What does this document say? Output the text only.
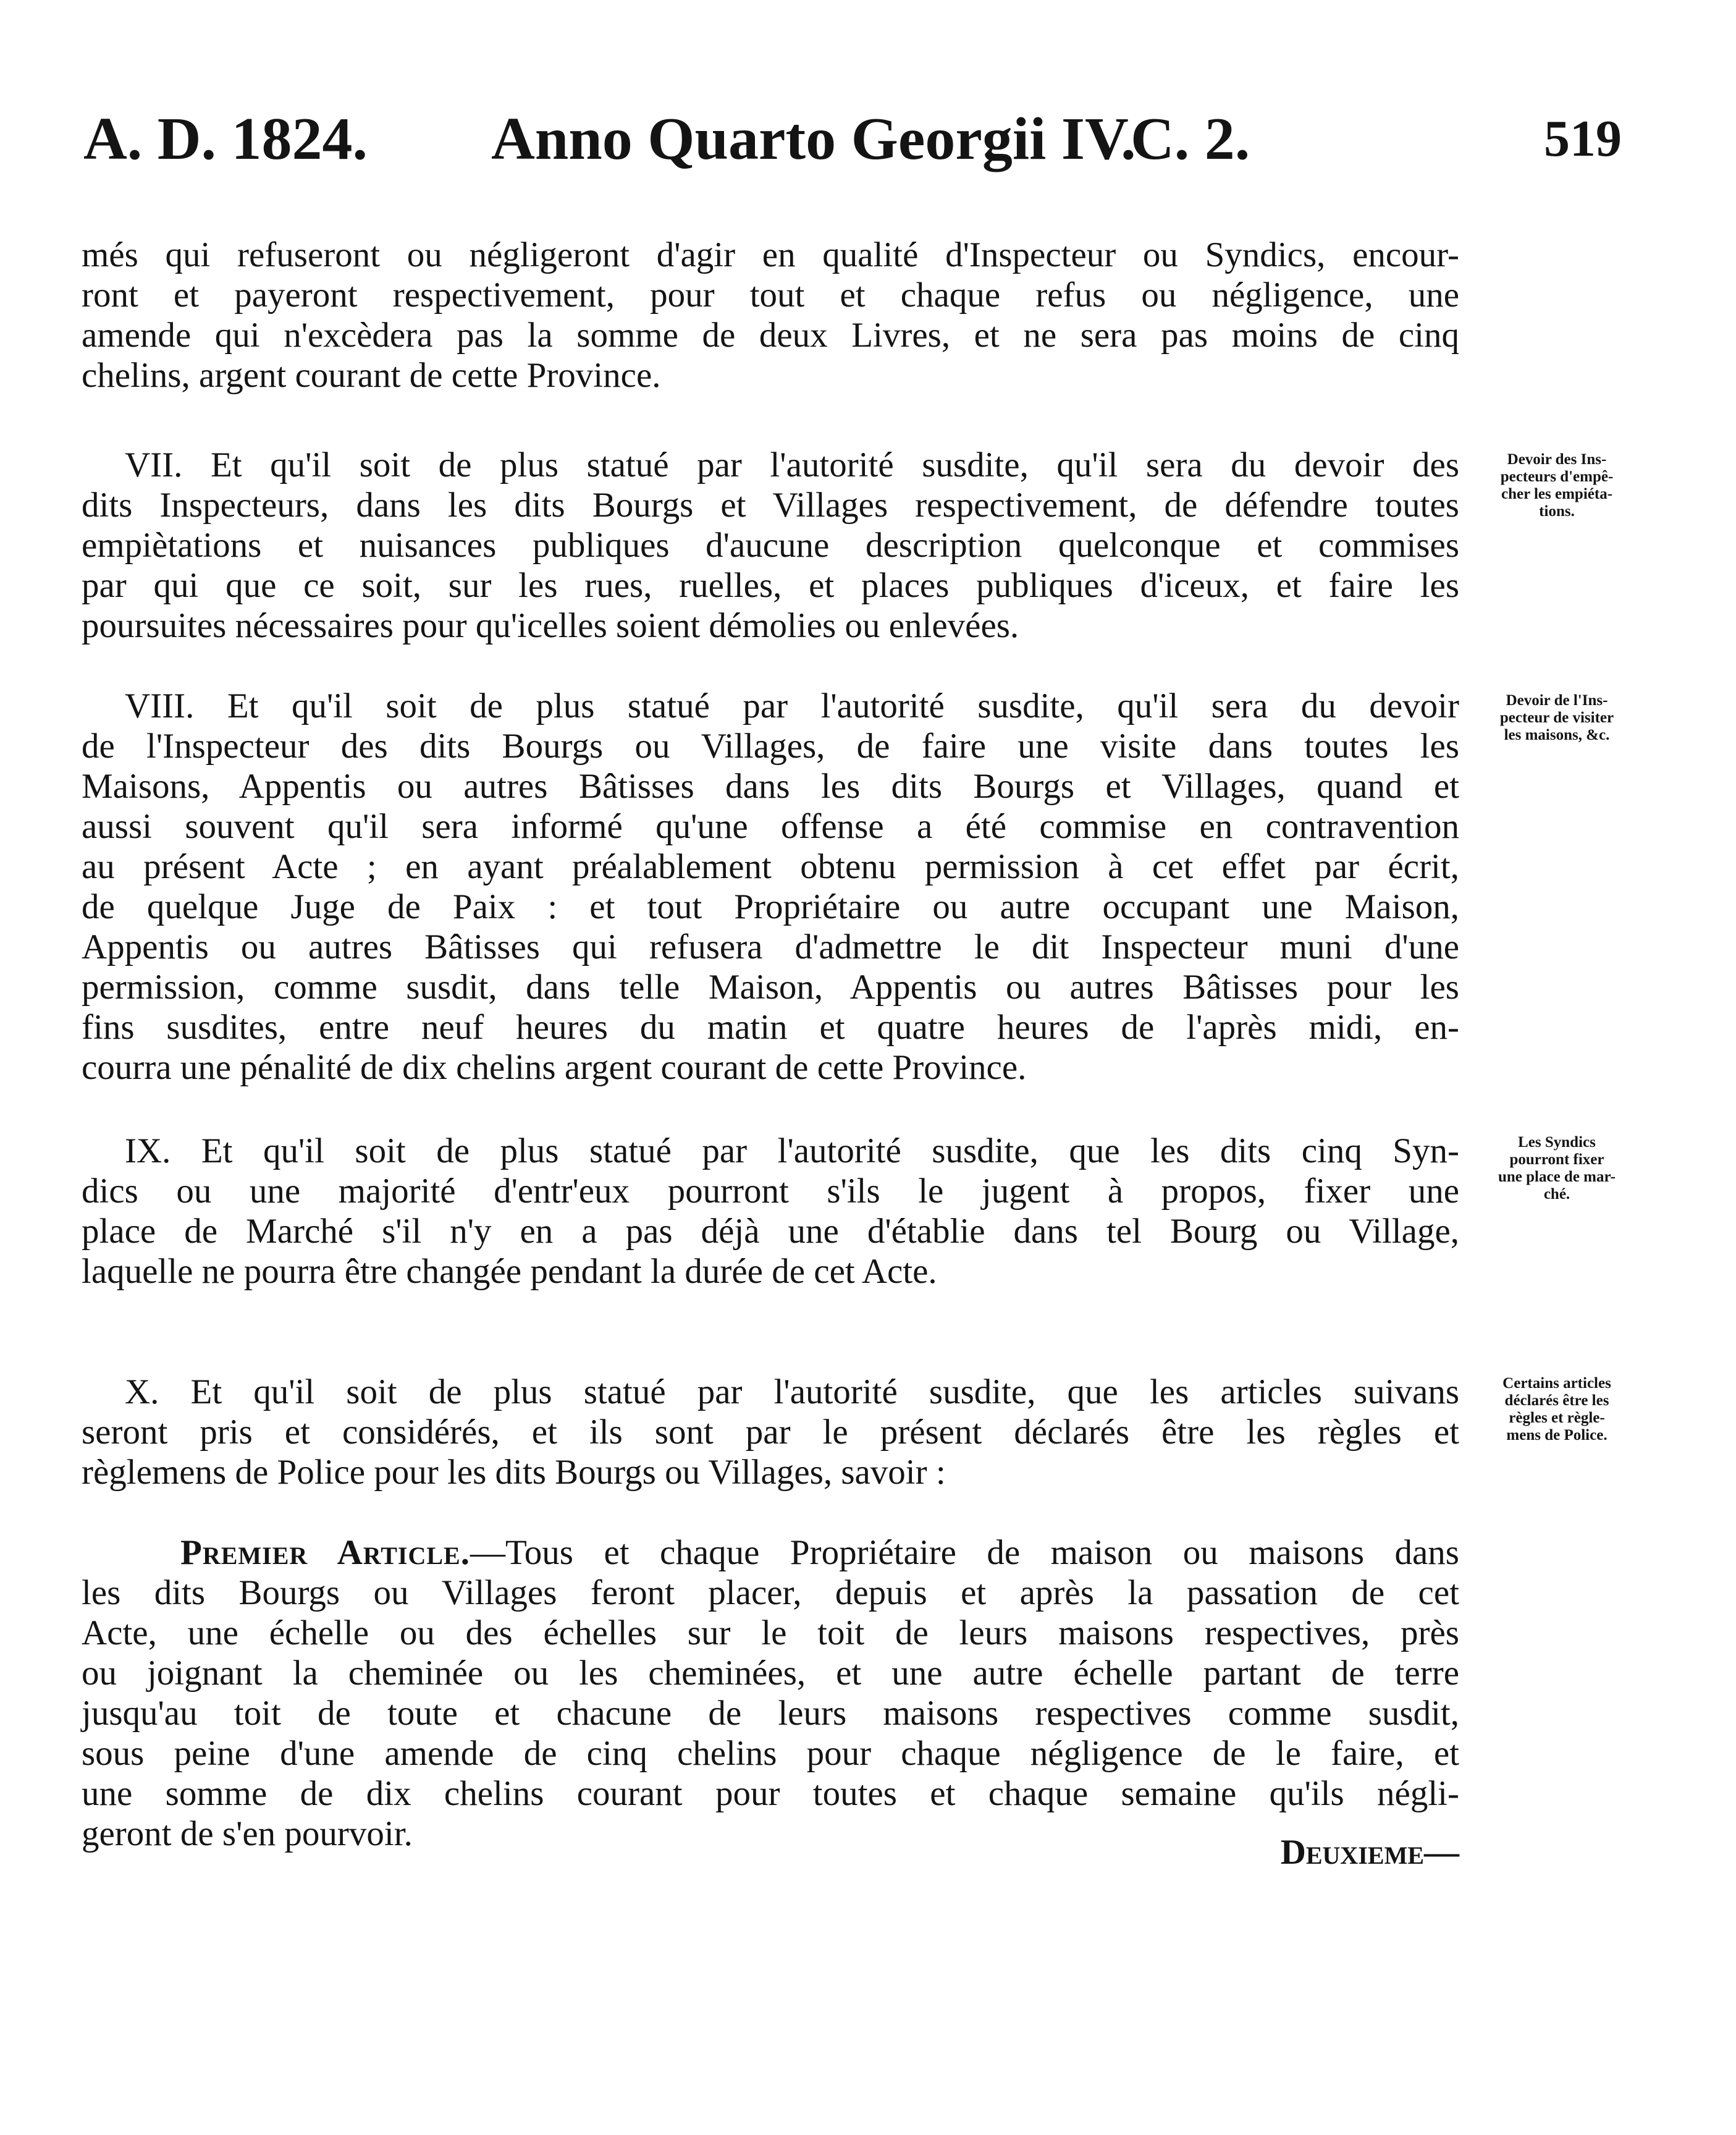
A. D. 1824. Anno Quarto Georgii IV.
C. 2.	519
més qui refuseront ou négligeront d'agir en qualité d'Inspecteur ou Syndics, encour-
ront et payeront respectivement, pour tout et chaque refus ou négligence, une
amende qui n'excèdera pas la somme de deux Livres, et ne sera pas moins de cinq
chelins, argent courant de cette Province.
VII. Et qu'il soit de plus statué par l'autorité susdite, qu'il sera du devoir des
dits Inspecteurs, dans les dits Bourgs et Villages respectivement, de défendre toutes
empiètations et nuisances publiques d'aucune description quelconque et commises
par qui que ce soit, sur les rues, ruelles, et places publiques d'iceux, et faire les
poursuites nécessaires pour qu'icelles soient démolies ou enlevées.
VIII. Et qu'il soit de plus statué par l'autorité susdite, qu'il sera du devoir
de l'Inspecteur des dits Bourgs ou Villages, de faire une visite dans toutes les
Maisons, Appentis ou autres Bâtisses dans les dits Bourgs et Villages, quand et
aussi souvent qu'il sera informé qu'une offense a été commise en contravention
au présent Acte ; en ayant préalablement obtenu permission à cet effet par écrit,
de quelque Juge de Paix : et tout Propriétaire ou autre occupant une Maison,
Appentis ou autres Bâtisses qui refusera d'admettre le dit Inspecteur muni d'une
permission, comme susdit, dans telle Maison, Appentis ou autres Bâtisses pour les
fins susdites, entre neuf heures du matin et quatre heures de l'après midi, en-
courra une pénalité de dix chelins argent courant de cette Province.
IX. Et qu'il soit de plus statué par l'autorité susdite, que les dits cinq Syn-
dics ou une majorité d'entr'eux pourront s'ils le jugent à propos, fixer une
place de Marché s'il n'y en a pas déjà une d'établie dans tel Bourg ou Village,
laquelle ne pourra être changée pendant la durée de cet Acte.
X. Et qu'il soit de plus statué par l'autorité susdite, que les articles suivans
seront pris et considérés, et ils sont par le présent déclarés être les règles et
règlemens de Police pour les dits Bourgs ou Villages, savoir :
Premier Article.—Tous et chaque Propriétaire de maison ou maisons dans
les dits Bourgs ou Villages feront placer, depuis et après la passation de cet
Acte, une échelle ou des échelles sur le toit de leurs maisons respectives, près
ou joignant la cheminée ou les cheminées, et une autre échelle partant de terre
jusqu'au toit de toute et chacune de leurs maisons respectives comme susdit,
sous peine d'une amende de cinq chelins pour chaque négligence de le faire, et
une somme de dix chelins courant pour toutes et chaque semaine qu'ils négli-
geront de s'en pourvoir.	Deuxieme—
Devoir des Ins-
pecteurs d'empê-
cher les empiéta-
tions.
Devoir de l'Ins-
pecteur de visiter
les maisons, &c.
Les Syndics
pourront fixer
une place de mar-
ché.
Certains articles
déclarés être les
règles et règle-
mens de Police.
